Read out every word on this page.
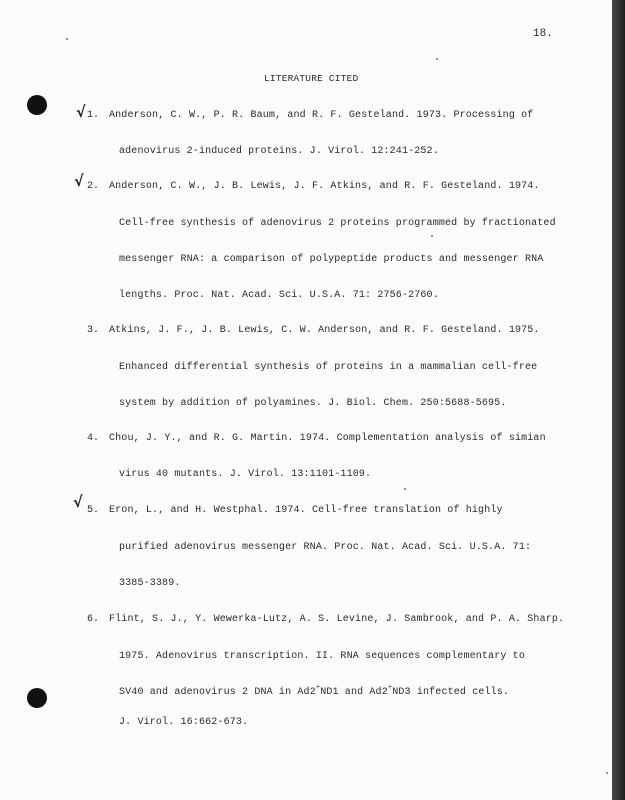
18.
LITERATURE CITED
√
√
√
1. Anderson, C. W., P. R. Baum, and R. F. Gesteland. 1973. Processing of
adenovirus 2-induced proteins. J. Virol. 12:241-252.
2. Anderson, C. W., J. B. Lewis, J. F. Atkins, and R. F. Gesteland. 1974.
Cell-free synthesis of adenovirus 2 proteins programmed by fractionated
messenger RNA: a comparison of polypeptide products and messenger RNA
lengths. Proc. Nat. Acad. Sci. U.S.A. 71: 2756-2760.
3. Atkins, J. F., J. B. Lewis, C. W. Anderson, and R. F. Gesteland. 1975.
Enhanced differential synthesis of proteins in a mammalian cell-free
system by addition of polyamines. J. Biol. Chem. 250:5688-5695.
4. Chou, J. Y., and R. G. Martin. 1974. Complementation analysis of simian
virus 40 mutants. J. Virol. 13:1101-1109.
5. Eron, L., and H. Westphal. 1974. Cell-free translation of highly
purified adenovirus messenger RNA. Proc. Nat. Acad. Sci. U.S.A. 71:
3385-3389.
6. Flint, S. J., Y. Wewerka-Lutz, A. S. Levine, J. Sambrook, and P. A. Sharp.
1975. Adenovirus transcription. II. RNA sequences complementary to
SV40 and adenovirus 2 DNA in Ad2+ND1 and Ad2+ND3 infected cells.
J. Virol. 16:662-673.
